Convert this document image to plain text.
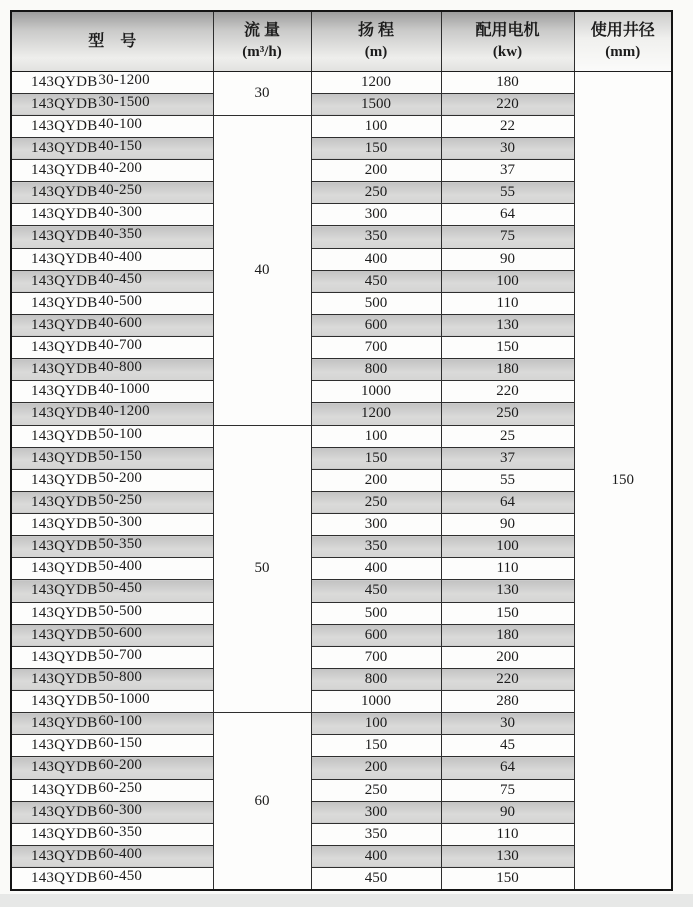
型　号

流 量
(m³/h)

扬 程
(m)

配用电机
(kw)

使用井径
(mm)

143QYDB30-1200	30	1200	180	150
143QYDB30-1500		1500	220	
143QYDB40-100	40	100	22	
143QYDB40-150		150	30	
143QYDB40-200		200	37	
143QYDB40-250		250	55	
143QYDB40-300		300	64	
143QYDB40-350		350	75	
143QYDB40-400		400	90	
143QYDB40-450		450	100	
143QYDB40-500		500	110	
143QYDB40-600		600	130	
143QYDB40-700		700	150	
143QYDB40-800		800	180	
143QYDB40-1000		1000	220	
143QYDB40-1200		1200	250	
143QYDB50-100	50	100	25	
143QYDB50-150		150	37	
143QYDB50-200		200	55	
143QYDB50-250		250	64	
143QYDB50-300		300	90	
143QYDB50-350		350	100	
143QYDB50-400		400	110	
143QYDB50-450		450	130	
143QYDB50-500		500	150	
143QYDB50-600		600	180	
143QYDB50-700		700	200	
143QYDB50-800		800	220	
143QYDB50-1000		1000	280	
143QYDB60-100	60	100	30	
143QYDB60-150		150	45	
143QYDB60-200		200	64	
143QYDB60-250		250	75	
143QYDB60-300		300	90	
143QYDB60-350		350	110	
143QYDB60-400		400	130	
143QYDB60-450		450	150	
